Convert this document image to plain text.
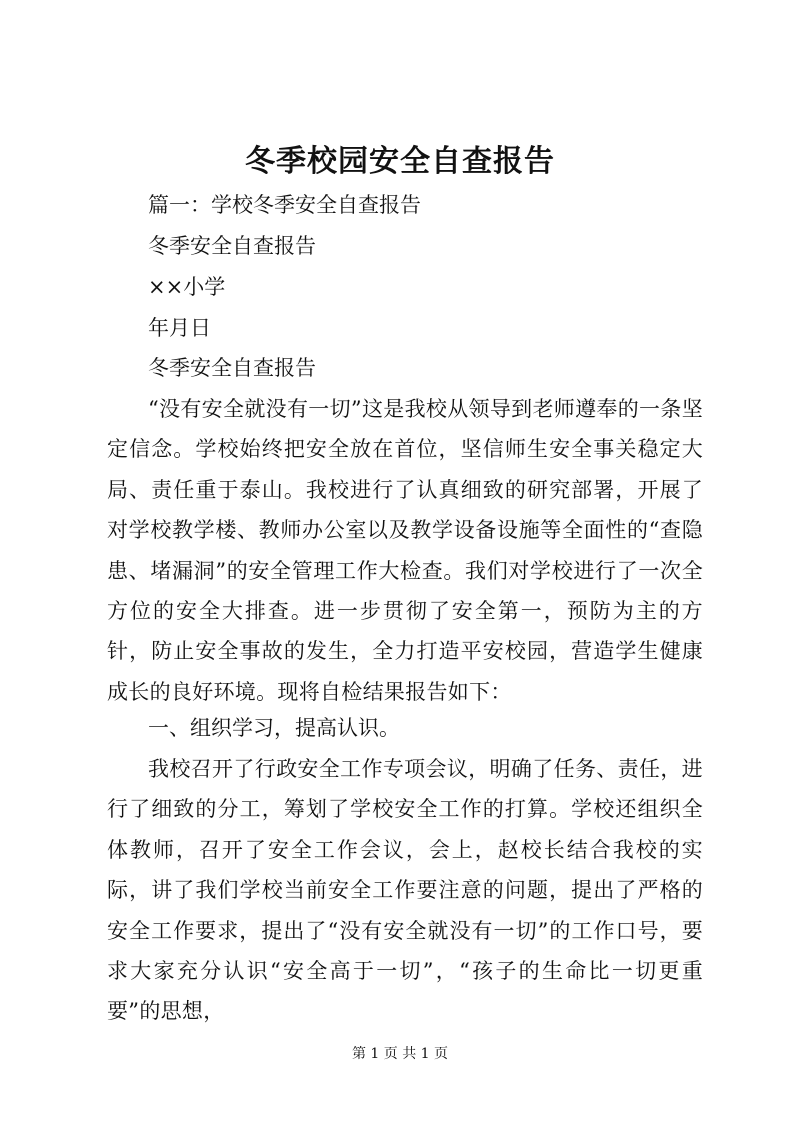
冬季校园安全自查报告
篇一：学校冬季安全自查报告
冬季安全自查报告
××小学
年月日
冬季安全自查报告
“没有安全就没有一切”这是我校从领导到老师遵奉的一条坚定信念。学校始终把安全放在首位，坚信师生安全事关稳定大局、责任重于泰山。我校进行了认真细致的研究部署，开展了对学校教学楼、教师办公室以及教学设备设施等全面性的“查隐患、堵漏洞”的安全管理工作大检查。我们对学校进行了一次全方位的安全大排查。进一步贯彻了安全第一，预防为主的方针，防止安全事故的发生，全力打造平安校园，营造学生健康成长的良好环境。现将自检结果报告如下：
一、组织学习，提高认识。
我校召开了行政安全工作专项会议，明确了任务、责任，进行了细致的分工，筹划了学校安全工作的打算。学校还组织全体教师，召开了安全工作会议，会上，赵校长结合我校的实际，讲了我们学校当前安全工作要注意的问题，提出了严格的安全工作要求，提出了“没有安全就没有一切”的工作口号，要求大家充分认识“安全高于一切”，“孩子的生命比一切更重要”的思想，
第 1 页 共 1 页
